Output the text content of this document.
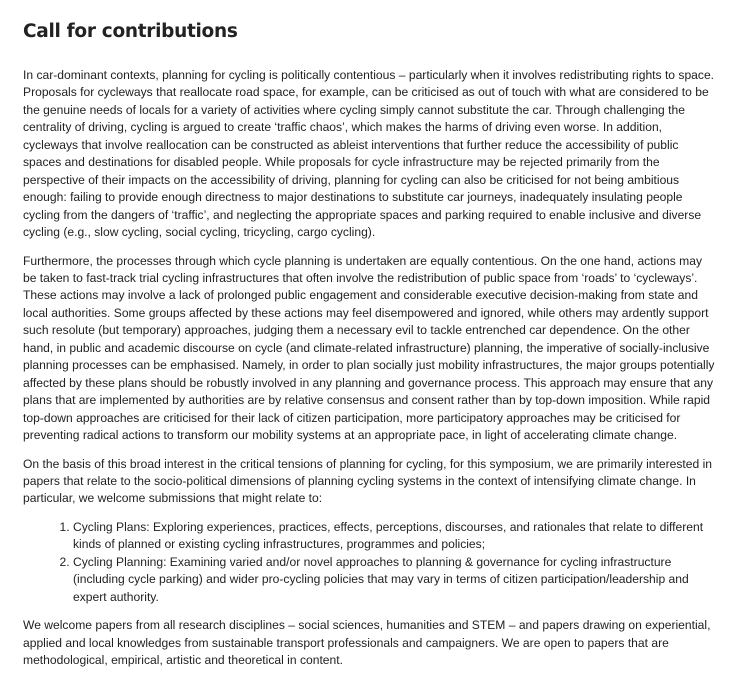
Call for contributions

In car-dominant contexts, planning for cycling is politically contentious – particularly when it involves redistributing rights to space. Proposals for cycleways that reallocate road space, for example, can be criticised as out of touch with what are considered to be the genuine needs of locals for a variety of activities where cycling simply cannot substitute the car. Through challenging the centrality of driving, cycling is argued to create ‘traffic chaos’, which makes the harms of driving even worse. In addition, cycleways that involve reallocation can be constructed as ableist interventions that further reduce the accessibility of public spaces and destinations for disabled people. While proposals for cycle infrastructure may be rejected primarily from the perspective of their impacts on the accessibility of driving, planning for cycling can also be criticised for not being ambitious enough: failing to provide enough directness to major destinations to substitute car journeys, inadequately insulating people cycling from the dangers of ‘traffic’, and neglecting the appropriate spaces and parking required to enable inclusive and diverse cycling (e.g., slow cycling, social cycling, tricycling, cargo cycling).

Furthermore, the processes through which cycle planning is undertaken are equally contentious. On the one hand, actions may be taken to fast-track trial cycling infrastructures that often involve the redistribution of public space from ‘roads’ to ‘cycleways’. These actions may involve a lack of prolonged public engagement and considerable executive decision-making from state and local authorities. Some groups affected by these actions may feel disempowered and ignored, while others may ardently support such resolute (but temporary) approaches, judging them a necessary evil to tackle entrenched car dependence. On the other hand, in public and academic discourse on cycle (and climate-related infrastructure) planning, the imperative of socially-inclusive planning processes can be emphasised. Namely, in order to plan socially just mobility infrastructures, the major groups potentially affected by these plans should be robustly involved in any planning and governance process. This approach may ensure that any plans that are implemented by authorities are by relative consensus and consent rather than by top-down imposition. While rapid top-down approaches are criticised for their lack of citizen participation, more participatory approaches may be criticised for preventing radical actions to transform our mobility systems at an appropriate pace, in light of accelerating climate change.

On the basis of this broad interest in the critical tensions of planning for cycling, for this symposium, we are primarily interested in papers that relate to the socio-political dimensions of planning cycling systems in the context of intensifying climate change. In particular, we welcome submissions that might relate to:

1. Cycling Plans: Exploring experiences, practices, effects, perceptions, discourses, and rationales that relate to different kinds of planned or existing cycling infrastructures, programmes and policies;
2. Cycling Planning: Examining varied and/or novel approaches to planning & governance for cycling infrastructure (including cycle parking) and wider pro-cycling policies that may vary in terms of citizen participation/leadership and expert authority.

We welcome papers from all research disciplines – social sciences, humanities and STEM – and papers drawing on experiential, applied and local knowledges from sustainable transport professionals and campaigners. We are open to papers that are methodological, empirical, artistic and theoretical in content.
